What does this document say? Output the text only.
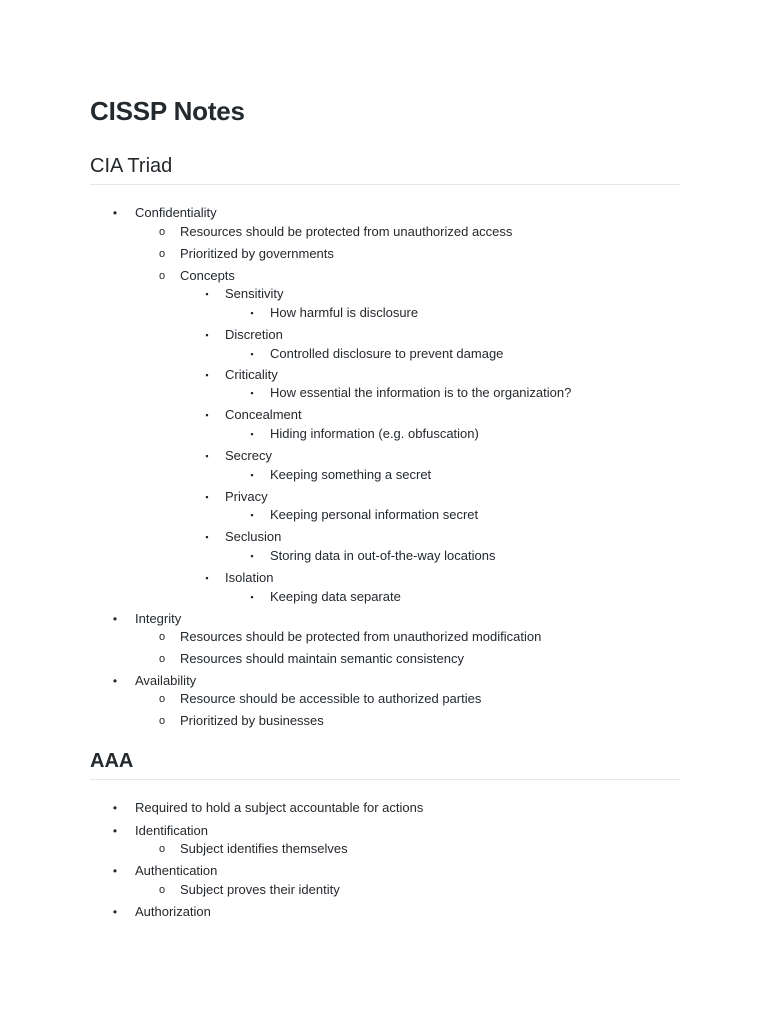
CISSP Notes
CIA Triad
•	Confidentiality
o Resources should be protected from unauthorized access
o Prioritized by governments
o Concepts
▪	Sensitivity
▪	How harmful is disclosure
▪	Discretion
▪	Controlled disclosure to prevent damage
▪	Criticality
▪	How essential the information is to the organization?
▪	Concealment
▪	Hiding information (e.g. obfuscation)
▪	Secrecy
▪	Keeping something a secret
▪	Privacy
▪	Keeping personal information secret
▪	Seclusion
▪	Storing data in out-of-the-way locations
▪	Isolation
▪	Keeping data separate
•	Integrity
o Resources should be protected from unauthorized modification
o Resources should maintain semantic consistency
•	Availability
o Resource should be accessible to authorized parties
o Prioritized by businesses
AAA
•	Required to hold a subject accountable for actions
•	Identification
o Subject identifies themselves
•	Authentication
o Subject proves their identity
•	Authorization
